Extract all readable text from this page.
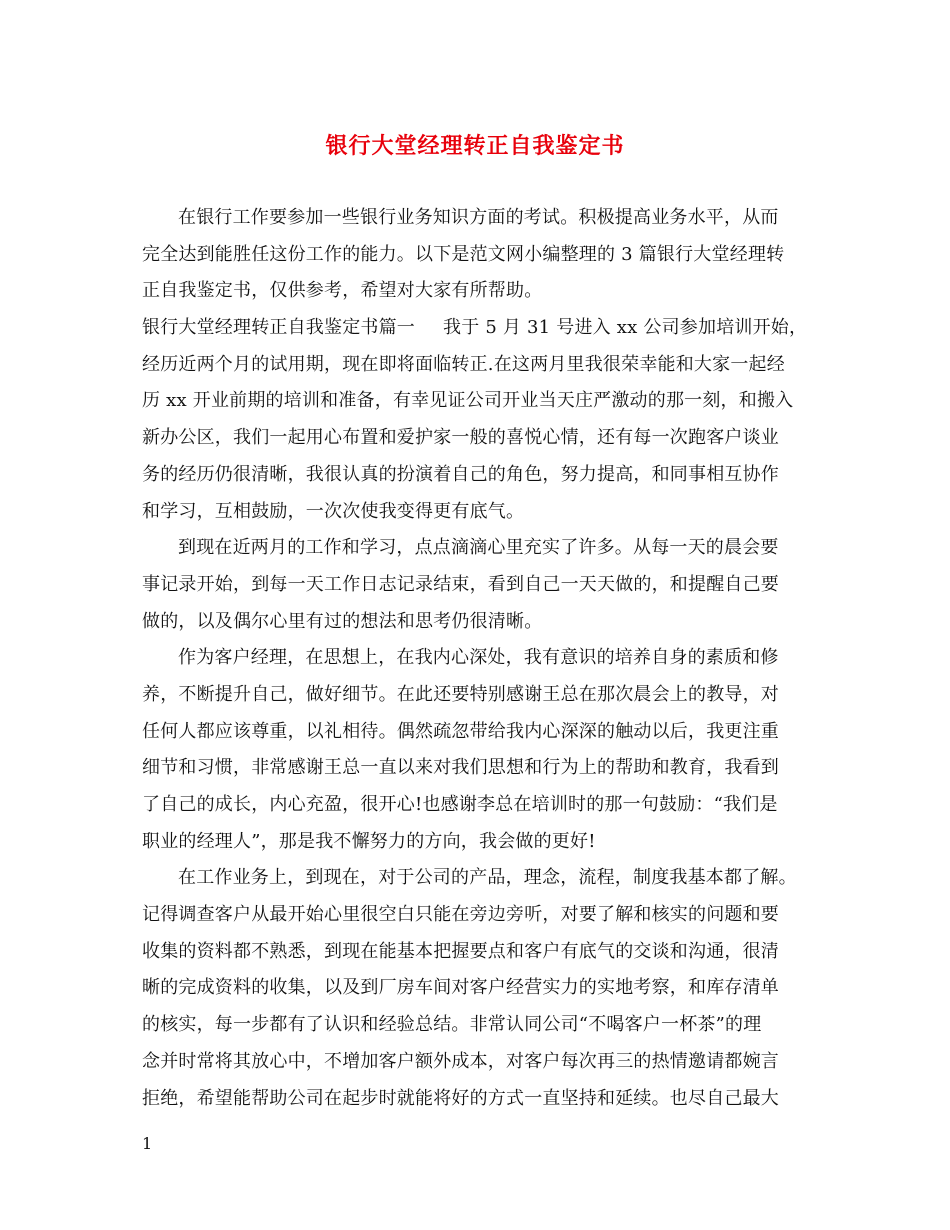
银行大堂经理转正自我鉴定书
在银行工作要参加一些银行业务知识方面的考试。积极提高业务水平，从而
完全达到能胜任这份工作的能力。以下是范文网小编整理的 3 篇银行大堂经理转
正自我鉴定书，仅供参考，希望对大家有所帮助。
银行大堂经理转正自我鉴定书篇一 我于 5 月 31 号进入 xx 公司参加培训开始，
经历近两个月的试用期，现在即将面临转正.在这两月里我很荣幸能和大家一起经
历 xx 开业前期的培训和准备，有幸见证公司开业当天庄严激动的那一刻，和搬入
新办公区，我们一起用心布置和爱护家一般的喜悦心情，还有每一次跑客户谈业
务的经历仍很清晰，我很认真的扮演着自己的角色，努力提高，和同事相互协作
和学习，互相鼓励，一次次使我变得更有底气。
到现在近两月的工作和学习，点点滴滴心里充实了许多。从每一天的晨会要
事记录开始，到每一天工作日志记录结束，看到自己一天天做的，和提醒自己要
做的，以及偶尔心里有过的想法和思考仍很清晰。
作为客户经理，在思想上，在我内心深处，我有意识的培养自身的素质和修
养，不断提升自己，做好细节。在此还要特别感谢王总在那次晨会上的教导，对
任何人都应该尊重，以礼相待。偶然疏忽带给我内心深深的触动以后，我更注重
细节和习惯，非常感谢王总一直以来对我们思想和行为上的帮助和教育，我看到
了自己的成长，内心充盈，很开心!也感谢李总在培训时的那一句鼓励：“我们是
职业的经理人”，那是我不懈努力的方向，我会做的更好!
在工作业务上，到现在，对于公司的产品，理念，流程，制度我基本都了解。
记得调查客户从最开始心里很空白只能在旁边旁听，对要了解和核实的问题和要
收集的资料都不熟悉，到现在能基本把握要点和客户有底气的交谈和沟通，很清
晰的完成资料的收集，以及到厂房车间对客户经营实力的实地考察，和库存清单
的核实，每一步都有了认识和经验总结。非常认同公司“不喝客户一杯茶”的理
念并时常将其放心中，不增加客户额外成本，对客户每次再三的热情邀请都婉言
拒绝，希望能帮助公司在起步时就能将好的方式一直坚持和延续。也尽自己最大
1
